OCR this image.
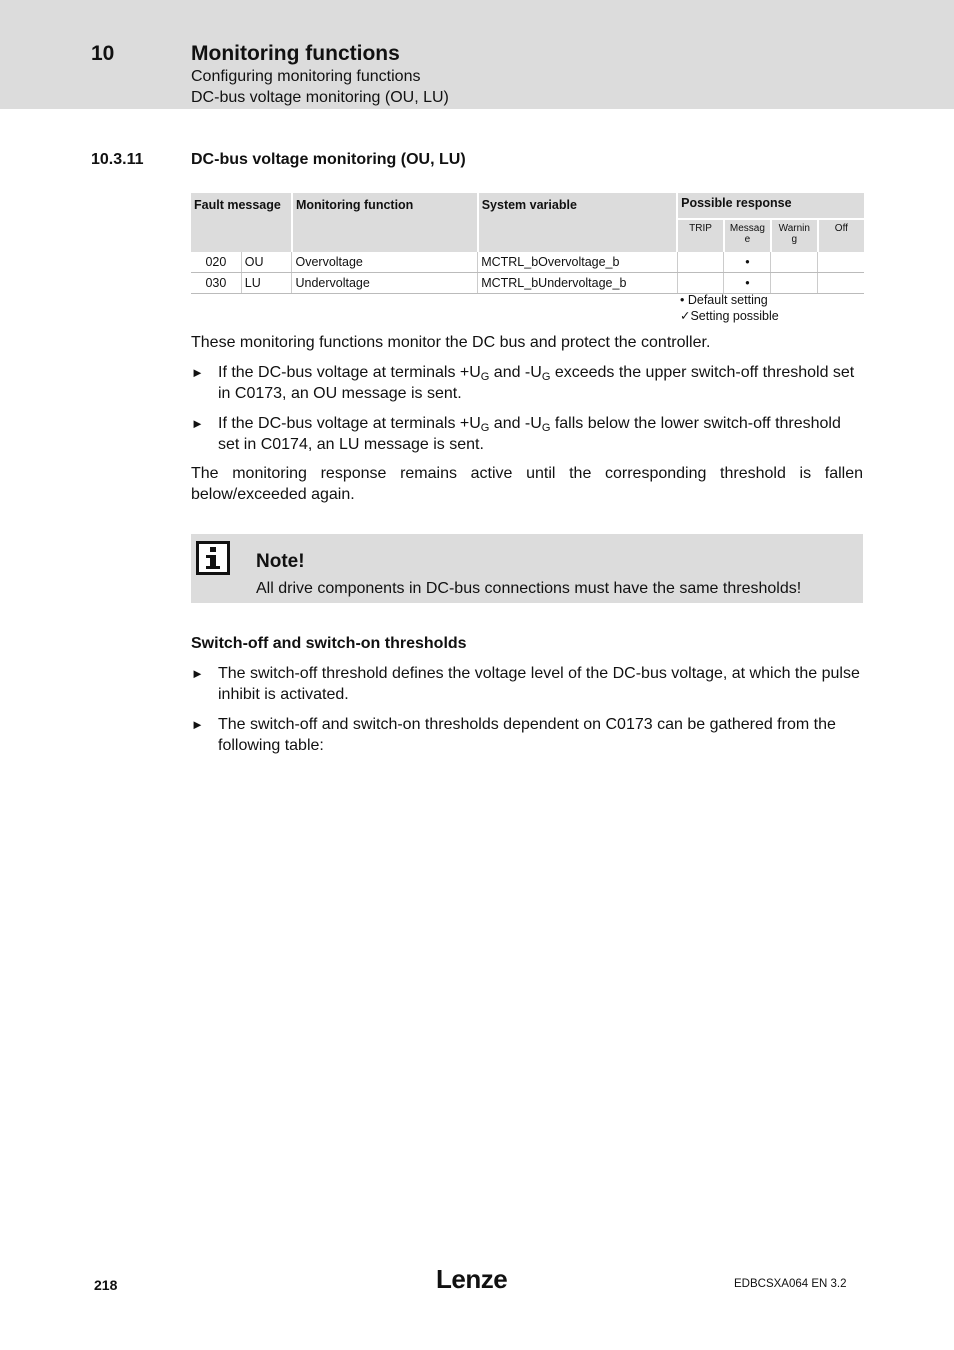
10	Monitoring functions
Configuring monitoring functions
DC-bus voltage monitoring (OU, LU)
10.3.11	DC-bus voltage monitoring (OU, LU)
Fault message		Monitoring function	System variable	Possible response			
				TRIP	Messag e	Warnin g	Off
020	OU	Overvoltage	MCTRL_bOvervoltage_b		•		
030	LU	Undervoltage	MCTRL_bUndervoltage_b		•		
• Default setting
✓Setting possible
These monitoring functions monitor the DC bus and protect the controller.
► If the DC-bus voltage at terminals $+U_G$ and $-U_G$ exceeds the upper switch-off threshold set in C0173, an OU message is sent.
► If the DC-bus voltage at terminals $+U_G$ and $-U_G$ falls below the lower switch-off threshold set in C0174, an LU message is sent.
The monitoring response remains active until the corresponding threshold is fallen below/exceeded again.
Note!
All drive components in DC-bus connections must have the same thresholds!
Switch-off and switch-on thresholds
► The switch-off threshold defines the voltage level of the DC-bus voltage, at which the pulse inhibit is activated.
► The switch-off and switch-on thresholds dependent on C0173 can be gathered from the following table:
218	Lenze	EDBCSXA064 EN 3.2
